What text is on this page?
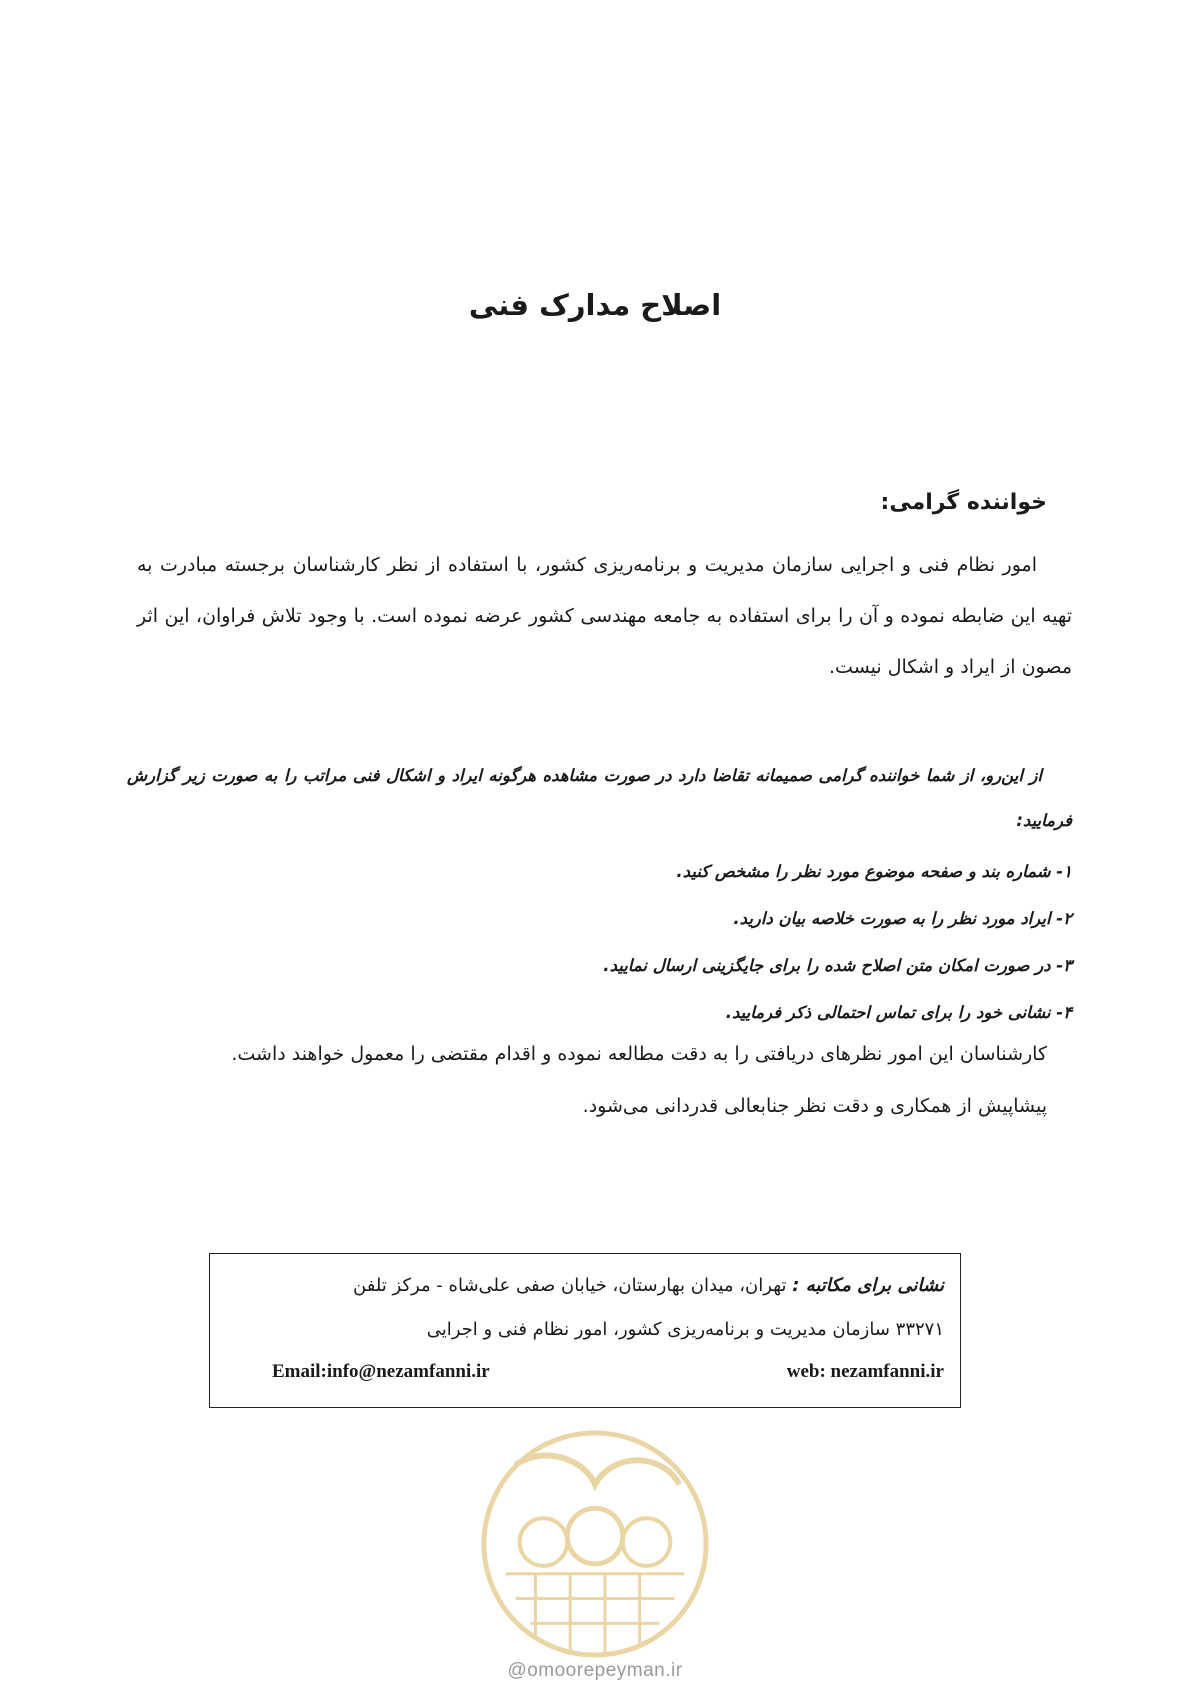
اصلاح مدارک فنی
خواننده گرامی:

امور نظام فنی و اجرایی سازمان مدیریت و برنامه‌ریزی کشور، با استفاده از نظر کارشناسان برجسته مبادرت به تهیه این ضابطه نموده و آن را برای استفاده به جامعه مهندسی کشور عرضه نموده است. با وجود تلاش فراوان، این اثر مصون از ایراد و اشکال نیست.

از این‌رو، از شما خواننده گرامی صمیمانه تقاضا دارد در صورت مشاهده هرگونه ایراد و اشکال فنی مراتب را به صورت زیر گزارش فرمایید:

۱- شماره بند و صفحه موضوع مورد نظر را مشخص کنید.
۲- ایراد مورد نظر را به صورت خلاصه بیان دارید.
۳- در صورت امکان متن اصلاح شده را برای جایگزینی ارسال نمایید.
۴- نشانی خود را برای تماس احتمالی ذکر فرمایید.

کارشناسان این امور نظرهای دریافتی را به دقت مطالعه نموده و اقدام مقتضی را معمول خواهند داشت.

پیشاپیش از همکاری و دقت نظر جنابعالی قدردانی می‌شود.

نشانی برای مکاتبه : تهران، میدان بهارستان، خیابان صفی علی‌شاه - مرکز تلفن
۳۳۲۷۱ سازمان مدیریت و برنامه‌ریزی کشور، امور نظام فنی و اجرایی
Email:info@nezamfanni.ir	web: nezamfanni.ir
@omoorepeyman.ir
